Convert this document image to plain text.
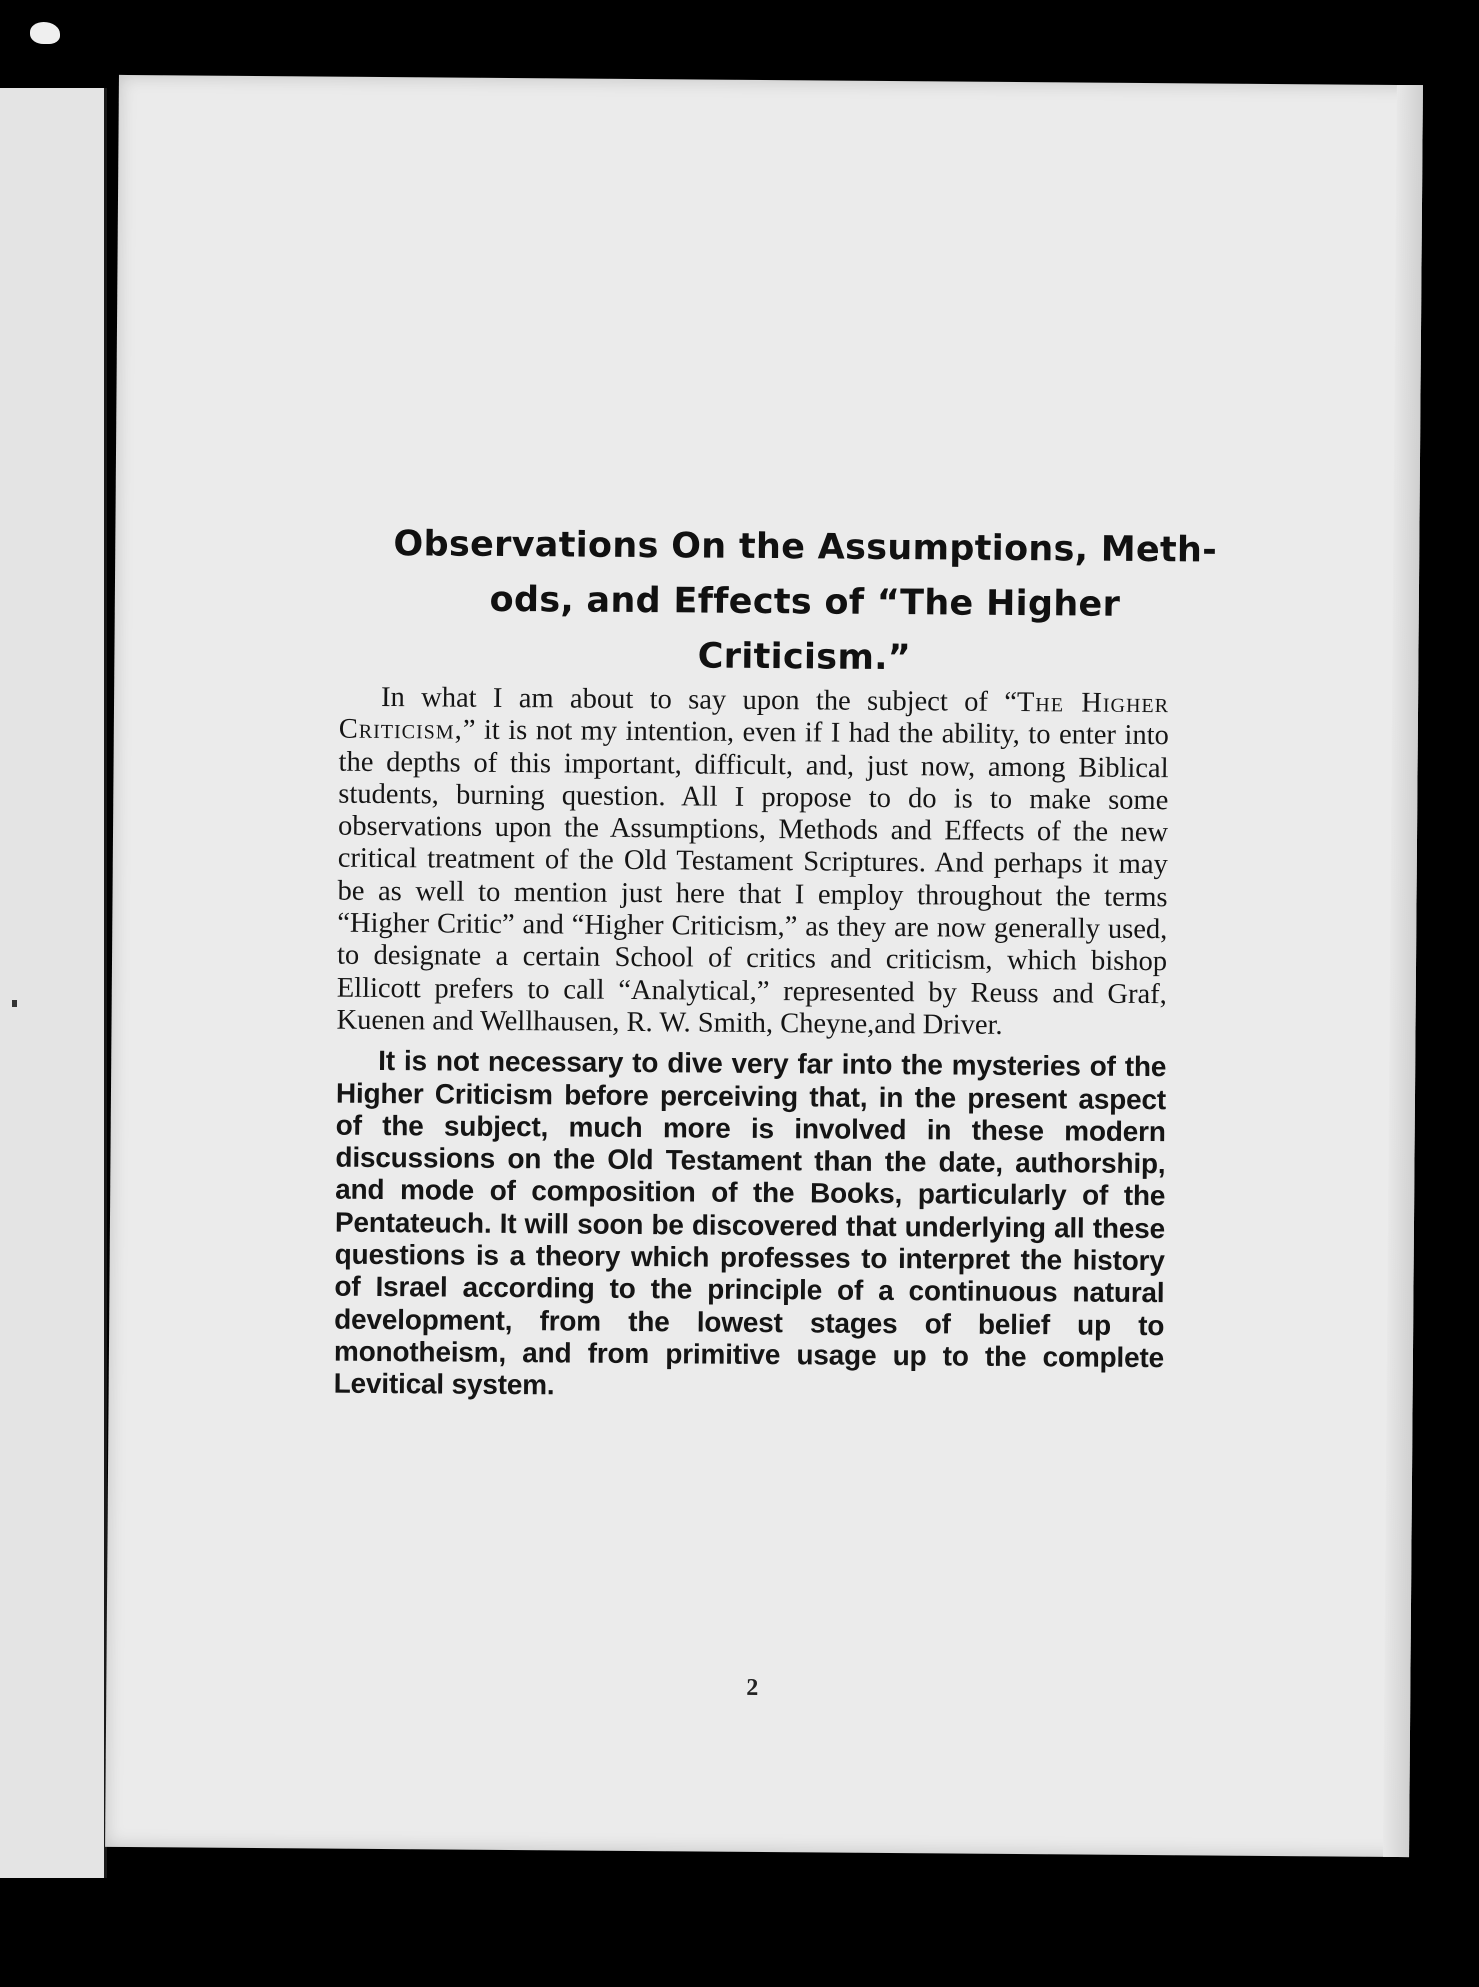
Observations On the Assumptions, Meth-
ods, and Effects of “The Higher
Criticism.”

In what I am about to say upon the subject of “The Higher Criticism,” it is not my intention, even if I had the ability, to enter into the depths of this important, difficult, and, just now, among Biblical students, burning question. All I propose to do is to make some observations upon the Assumptions, Methods and Effects of the new critical treatment of the Old Testament Scriptures. And perhaps it may be as well to mention just here that I employ throughout the terms “Higher Critic” and “Higher Criticism,” as they are now generally used, to designate a certain School of critics and criticism, which bishop Ellicott prefers to call “Analytical,” represented by Reuss and Graf, Kuenen and Wellhausen, R. W. Smith, Cheyne,and Driver.

It is not necessary to dive very far into the mysteries of the Higher Criticism before perceiving that, in the present aspect of the subject, much more is involved in these modern discussions on the Old Testament than the date, authorship, and mode of composition of the Books, particularly of the Pentateuch. It will soon be discovered that underlying all these questions is a theory which professes to interpret the history of Israel according to the principle of a continuous natural development, from the lowest stages of belief up to monotheism, and from primitive usage up to the complete Levitical system.

2
